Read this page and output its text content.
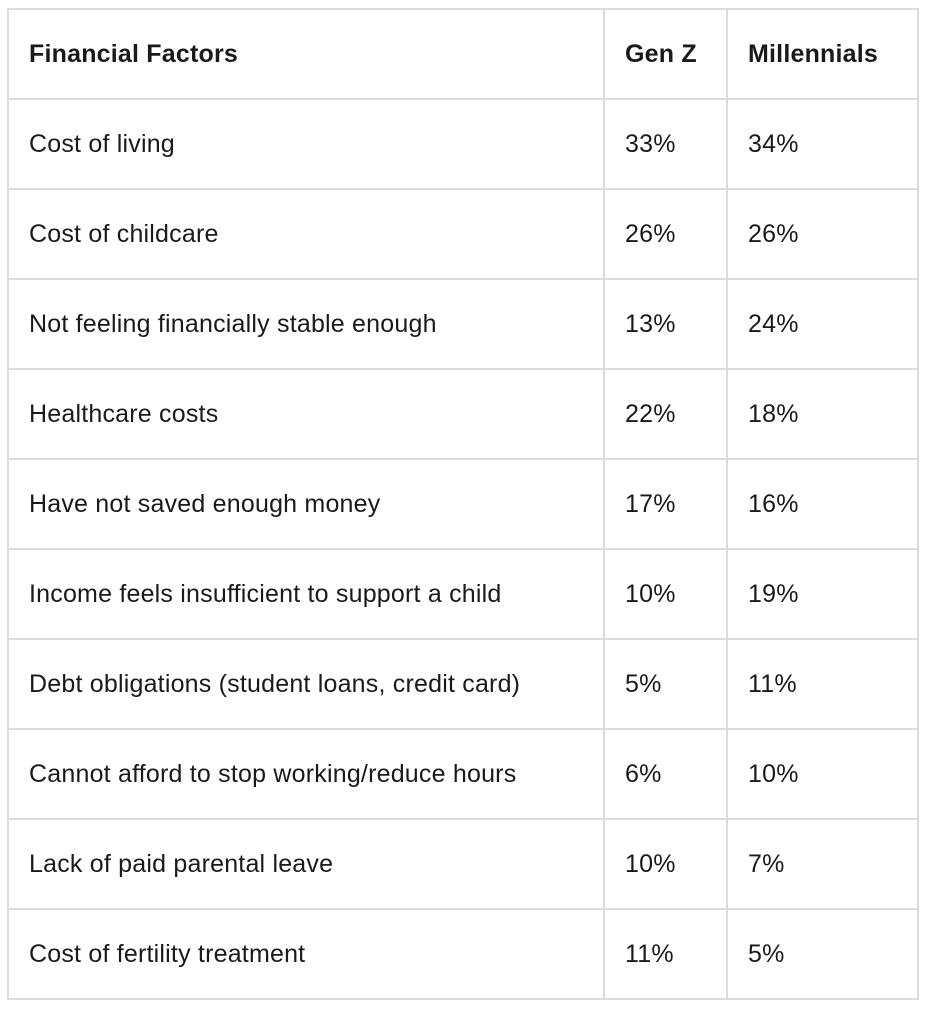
Financial Factors	Gen Z	Millennials
Cost of living	33%	34%
Cost of childcare	26%	26%
Not feeling financially stable enough	13%	24%
Healthcare costs	22%	18%
Have not saved enough money	17%	16%
Income feels insufficient to support a child	10%	19%
Debt obligations (student loans, credit card)	5%	11%
Cannot afford to stop working/reduce hours	6%	10%
Lack of paid parental leave	10%	7%
Cost of fertility treatment	11%	5%
